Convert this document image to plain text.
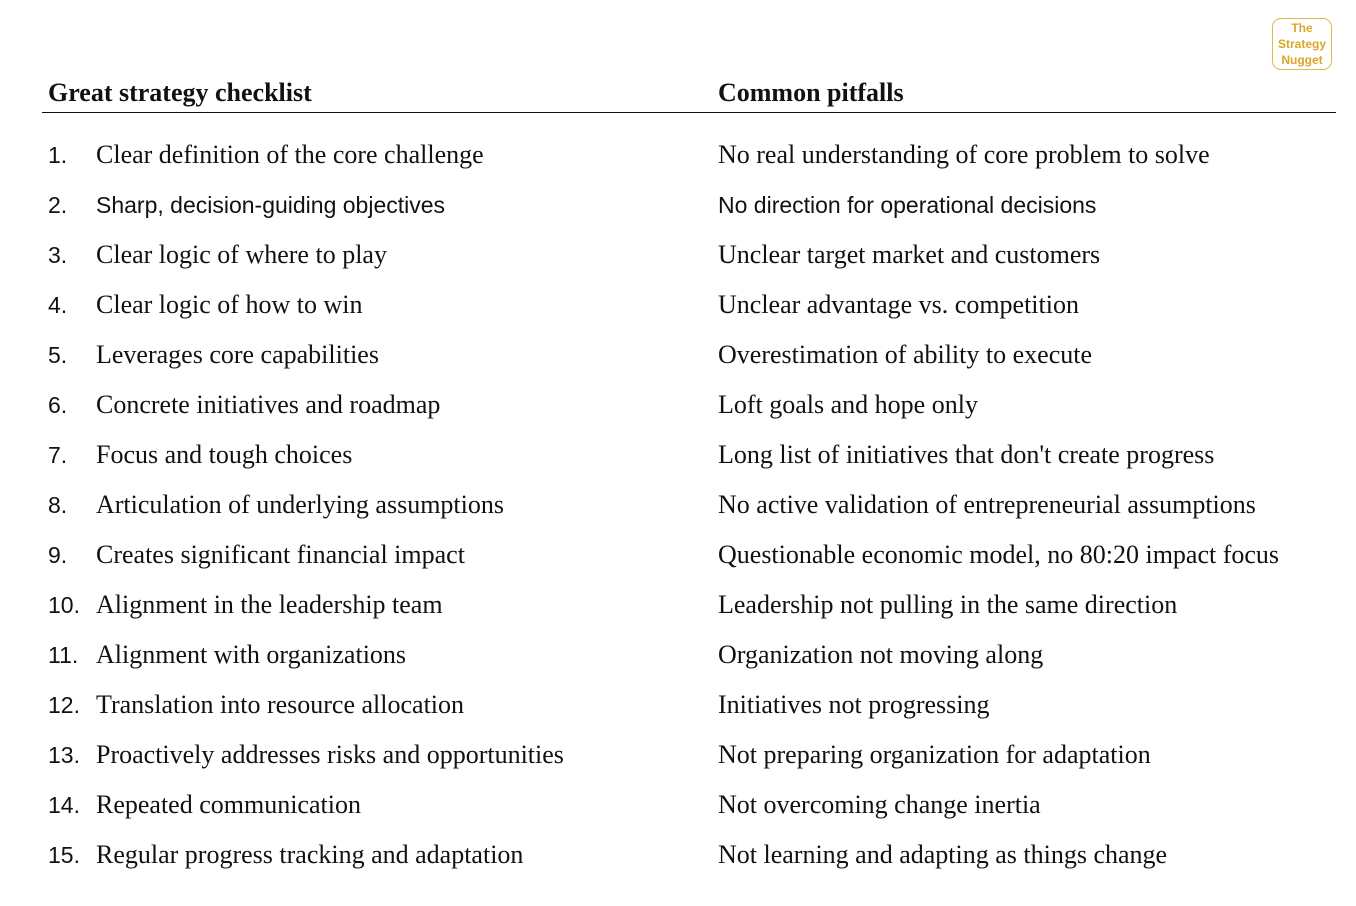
The
Strategy
Nugget
Great strategy checklist	Common pitfalls
1. Clear definition of the core challenge	No real understanding of core problem to solve
2. Sharp, decision-guiding objectives	No direction for operational decisions
3. Clear logic of where to play	Unclear target market and customers
4. Clear logic of how to win	Unclear advantage vs. competition
5. Leverages core capabilities	Overestimation of ability to execute
6. Concrete initiatives and roadmap	Loft goals and hope only
7. Focus and tough choices	Long list of initiatives that don't create progress
8. Articulation of underlying assumptions	No active validation of entrepreneurial assumptions
9. Creates significant financial impact	Questionable economic model, no 80:20 impact focus
10. Alignment in the leadership team	Leadership not pulling in the same direction
11. Alignment with organizations	Organization not moving along
12. Translation into resource allocation	Initiatives not progressing
13. Proactively addresses risks and opportunities	Not preparing organization for adaptation
14. Repeated communication	Not overcoming change inertia
15. Regular progress tracking and adaptation	Not learning and adapting as things change
